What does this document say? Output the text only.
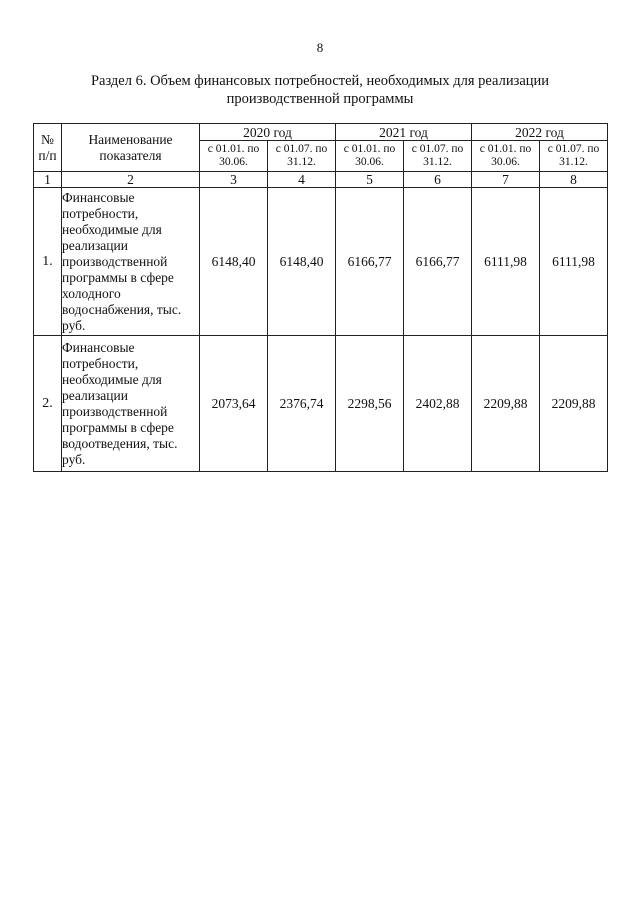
8
Раздел 6. Объем финансовых потребностей, необходимых для реализации производственной программы
№ п/п	Наименование показателя	2020 год		2021 год		2022 год	
		с 01.01. по 30.06.	с 01.07. по 31.12.	с 01.01. по 30.06.	с 01.07. по 31.12.	с 01.01. по 30.06.	с 01.07. по 31.12.
1	2	3	4	5	6	7	8
1.	Финансовые потребности, необходимые для реализации производственной программы в сфере холодного водоснабжения, тыс. руб.	6148,40	6148,40	6166,77	6166,77	6111,98	6111,98
2.	Финансовые потребности, необходимые для реализации производственной программы в сфере водоотведения, тыс. руб.	2073,64	2376,74	2298,56	2402,88	2209,88	2209,88
